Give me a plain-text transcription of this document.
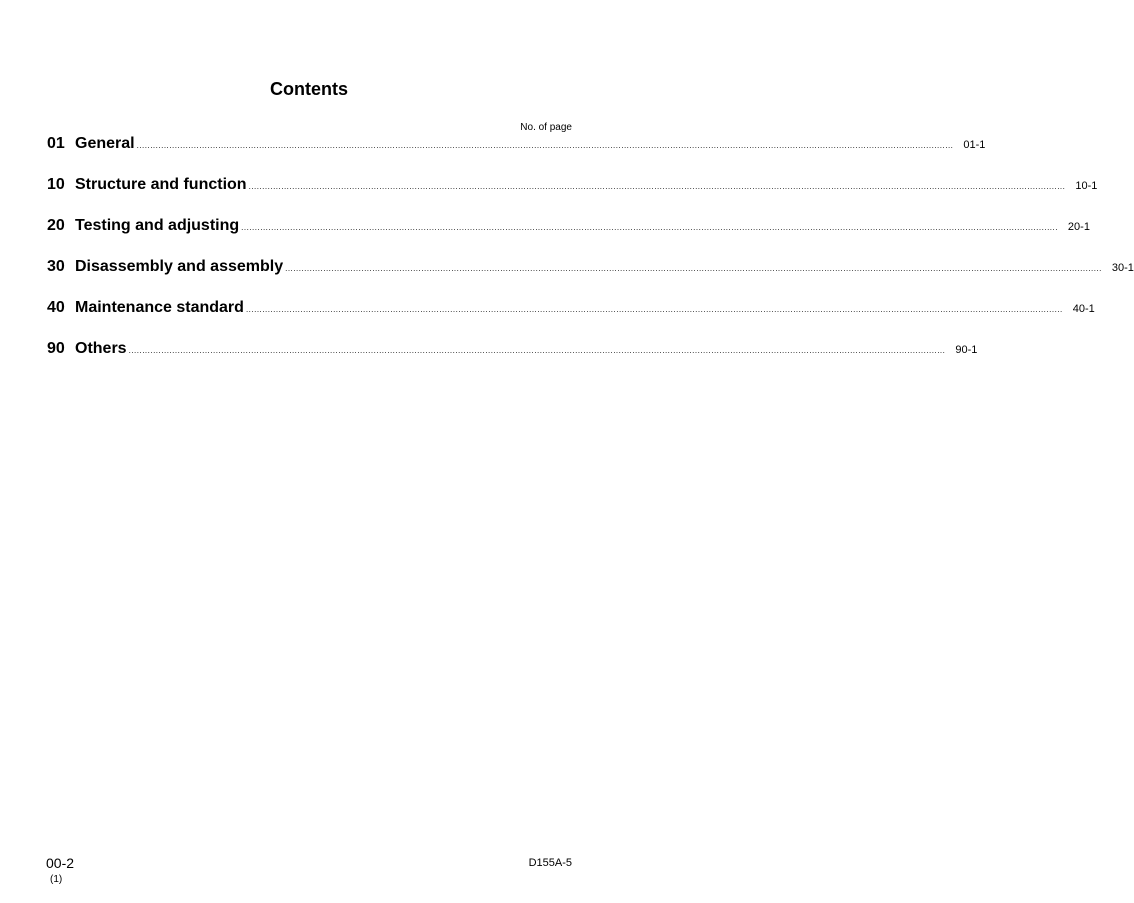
Contents
No. of page
01 General ............................................................................................................................................................................................................................................................................................................ 01-1
10 Structure and function ............................................................................................................................................................................................................................................................................................................ 10-1
20 Testing and adjusting ............................................................................................................................................................................................................................................................................................................ 20-1
30 Disassembly and assembly ............................................................................................................................................................................................................................................................................................................ 30-1
40 Maintenance standard ............................................................................................................................................................................................................................................................................................................ 40-1
90 Others ............................................................................................................................................................................................................................................................................................................ 90-1
00-2
(1)
D155A-5
